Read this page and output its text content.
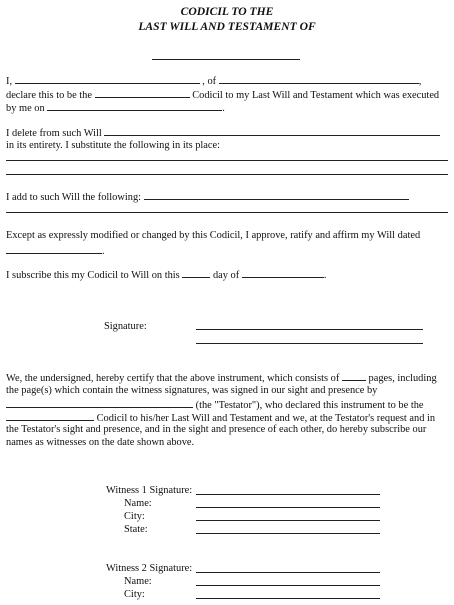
CODICIL TO THE
LAST WILL AND TESTAMENT OF
I,	, of	,
declare this to be the	Codicil to my Last Will and Testament which was executed
by me on	.
I delete from such Will
in its entirety. I substitute the following in its place:
I add to such Will the following:
Except as expressly modified or changed by this Codicil, I approve, ratify and affirm my Will dated
.
I subscribe this my Codicil to Will on this	day of	.
Signature:
We, the undersigned, hereby certify that the above instrument, which consists of	pages, including
the page(s) which contain the witness signatures, was signed in our sight and presence by
(the "Testator"), who declared this instrument to be the
Codicil to his/her Last Will and Testament and we, at the Testator's request and in
the Testator's sight and presence, and in the sight and presence of each other, do hereby subscribe our
names as witnesses on the date shown above.
Witness 1 Signature:
Name:
City:
State:
Witness 2 Signature:
Name:
City:
